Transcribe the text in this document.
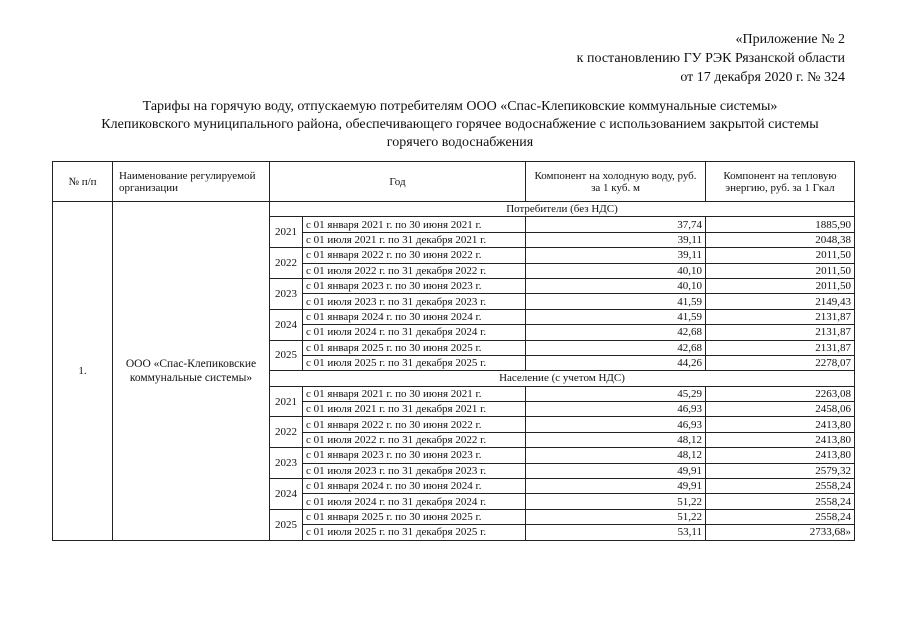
«Приложение № 2
к постановлению ГУ РЭК Рязанской области
от 17 декабря 2020 г. № 324
Тарифы на горячую воду, отпускаемую потребителям ООО «Спас-Клепиковские коммунальные системы»
Клепиковского муниципального района, обеспечивающего горячее водоснабжение с использованием закрытой системы
горячего водоснабжения
№ п/п	Наименование регулируемой организации	Год		Компонент на холодную воду, руб. за 1 куб. м	Компонент на тепловую энергию, руб. за 1 Гкал
1.	ООО «Спас-Клепиковские коммунальные системы»	Потребители (без НДС)			
		2021	с 01 января 2021 г. по 30 июня 2021 г.	37,74	1885,90
			с 01 июля 2021 г. по 31 декабря 2021 г.	39,11	2048,38
		2022	с 01 января 2022 г. по 30 июня 2022 г.	39,11	2011,50
			с 01 июля 2022 г. по 31 декабря 2022 г.	40,10	2011,50
		2023	с 01 января 2023 г. по 30 июня 2023 г.	40,10	2011,50
			с 01 июля 2023 г. по 31 декабря 2023 г.	41,59	2149,43
		2024	с 01 января 2024 г. по 30 июня 2024 г.	41,59	2131,87
			с 01 июля 2024 г. по 31 декабря 2024 г.	42,68	2131,87
		2025	с 01 января 2025 г. по 30 июня 2025 г.	42,68	2131,87
			с 01 июля 2025 г. по 31 декабря 2025 г.	44,26	2278,07
		Население (с учетом НДС)			
		2021	с 01 января 2021 г. по 30 июня 2021 г.	45,29	2263,08
			с 01 июля 2021 г. по 31 декабря 2021 г.	46,93	2458,06
		2022	с 01 января 2022 г. по 30 июня 2022 г.	46,93	2413,80
			с 01 июля 2022 г. по 31 декабря 2022 г.	48,12	2413,80
		2023	с 01 января 2023 г. по 30 июня 2023 г.	48,12	2413,80
			с 01 июля 2023 г. по 31 декабря 2023 г.	49,91	2579,32
		2024	с 01 января 2024 г. по 30 июня 2024 г.	49,91	2558,24
			с 01 июля 2024 г. по 31 декабря 2024 г.	51,22	2558,24
		2025	с 01 января 2025 г. по 30 июня 2025 г.	51,22	2558,24
			с 01 июля 2025 г. по 31 декабря 2025 г.	53,11	2733,68»
